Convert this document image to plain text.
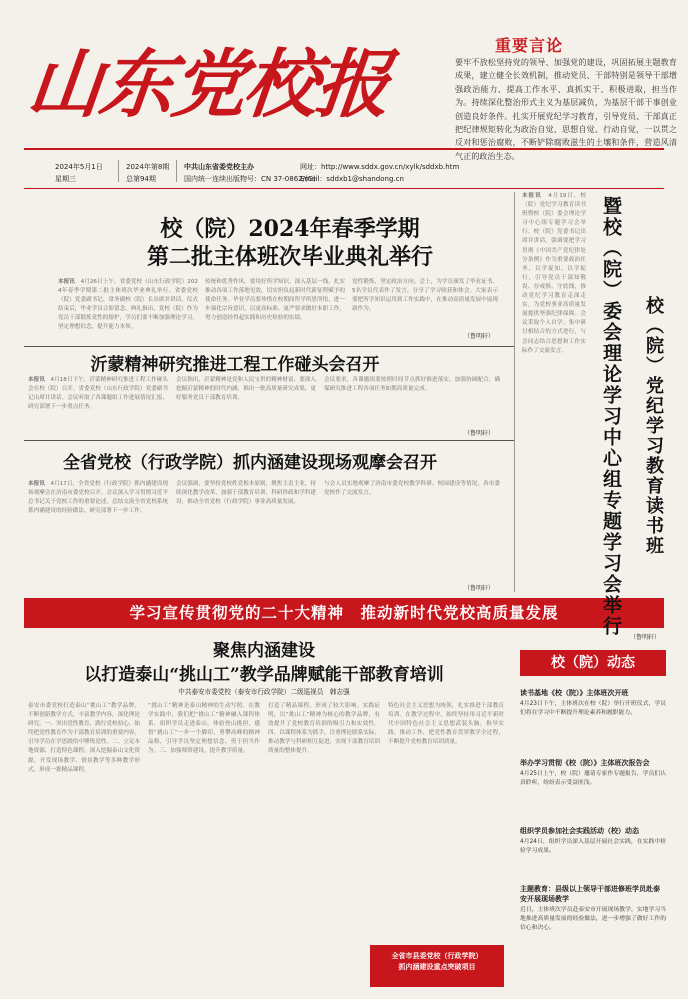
山东党校报	重要言论
要牢不放松坚持党的领导、加强党的建设，巩固拓展主题教育成果，建立健全长效机制，推动党员、干部特别是领导干部增强政治能力、提高工作水平、真抓实干、积极进取，担当作为。持续深化整治形式主义为基层减负，为基层干部干事创业创造良好条件。扎实开展党纪学习教育，引导党员、干部真正把纪律规矩转化为政治自觉、思想自觉、行动自觉，一以贯之反对和惩治腐败，不断铲除腐败滋生的土壤和条件，营造风清气正的政治生态。
2024年5月1日
星期三
2024年第8期
总第94期
中共山东省委党校主办
国内统一连续出版物号：CN 37-0862/(G)
网址：http://www.sddx.gov.cn/xylk/sddxb.htm
Email：sddxb1@shandong.cn
校（院）2024年春季学期
第二批主体班次毕业典礼举行
本报讯　 4月26日上午，省委党校（山东行政学院）2024年春季学期第二批主体班次毕业典礼举行。省委党校（院）党委副书记、常务副校（院）长出席并讲话。仪式结束后，毕业学员合影留念。典礼指出，党校（院）作为党员干部锻炼党性的熔炉，学员们要不断加强理论学习，坚定理想信念，提升能力本领。
传统和优秀作风。要用好所学知识，深入基层一线，扎实推动各项工作落地见效，切实担负起新时代新征程赋予的使命任务。毕业学员要珍惜在校期间所学所思所悟，进一步强化宗旨意识，以更高标准、更严要求做好本职工作，努力创造经得起实践和历史检验的实绩。
党性锻炼，坚定政治方向。会上，为学员颁发了毕业证书。5名学员代表作了发言，分享了学习收获和体会。大家表示要把所学知识运用到工作实践中，在推动高质量发展中展现新作为。
（鲁明轩）
沂蒙精神研究推进工程工作碰头会召开
本报讯　 4月18日下午，沂蒙精神研究推进工程工作碰头会在校（院）召开。省委党校（山东行政学院）党委副书记出席并讲话。会议听取了各课题组工作进展情况汇报，研究部署下一步重点任务。
会议指出，沂蒙精神是党和人民宝贵的精神财富，要深入挖掘沂蒙精神的时代内涵，推出一批高质量研究成果，更好服务党员干部教育培训。
会议要求，各课题组要按照时间节点抓好推进落实，加强协调配合，确保研究推进工程各项任务如期高质量完成。
（鲁明轩）
全省党校（行政学院）抓内涵建设现场观摩会召开
本报讯　 4月17日，全省党校（行政学院）抓内涵建设现场观摩会在济南市委党校召开。会议深入学习贯彻习近平总书记关于党校工作的重要论述，总结交流全省党校系统抓内涵建设的经验做法，研究部署下一步工作。
会议强调，要坚持党校姓党根本原则，聚焦主责主业，持续深化教学改革，加强干部教育培训、科研咨政和学科建设，推动全省党校（行政学院）事业高质量发展。
与会人员实地观摩了济南市委党校教学科研、校园建设等情况，各市委党校作了交流发言。
（鲁明轩）
学习宣传贯彻党的二十大精神　推动新时代党校高质量发展
聚焦内涵建设
以打造泰山“挑山工”教学品牌赋能干部教育培训
中共泰安市委党校（泰安市行政学院）二级巡视员　韩志强
泰安市委党校打造泰山“挑山工”教学品牌，不断创新教学方式，丰富教学内容，深化理论研究。一、突出党性教育，践行党校初心。始终把党性教育作为干部教育培训的重要内容，引导学员在学思践悟中锤炼党性。二、立足本地资源，打造特色课程。深入挖掘泰山文化资源，开发现场教学、情景教学等多种教学形式，形成一批精品课程。
“挑山工”精神是泰山精神的生动写照。在教学实践中，我们把“挑山工”精神融入课程体系，组织学员走进泰山，体验登山挑担，感悟“挑山工”一步一个脚印、勇攀高峰的精神品格，引导学员坚定理想信念、勇于担当作为。三、加强师资建设，提升教学质量。
打造了精品课程，形成了较大影响。实践证明，以“挑山工”精神为核心的教学品牌，有效提升了党校教育培训的吸引力和实效性。四、以课程体系为抓手，注重理论联系实际，推动教学与科研相互促进，实现干部教育培训质量的整体提升。
特色社会主义思想为统领，扎实推进干部教育培训。在教学过程中，始终坚持用习近平新时代中国特色社会主义思想武装头脑，指导实践、推动工作，把党性教育贯穿教学全过程，不断提升党校教育培训质量。
全省市县委党校（行政学院）
抓内涵建设重点突破项目
本报讯　 4月19日，校（院）党纪学习教育读书班暨校（院）委会理论学习中心组专题学习会举行。校（院）党委书记出席并讲话，强调要把学习贯彻《中国共产党纪律处分条例》作为重要政治任务，以学促知、以学促行，引导党员干部知敬畏、存戒惧、守底线，推动党纪学习教育走深走实，为党校事业高质量发展提供坚强纪律保障。会议采取个人自学、集中研讨相结合的方式进行，与会同志结合思想和工作实际作了交流发言。	暨校（院）委会理论学习中心组专题学习会举行 校（院）党纪学习教育读书班
（鲁明轩）
校（院）动态
读书基地《校（院）》主体班次开班
4月23日下午，主体班次在校（院）举行开班仪式，学员们将在学习中不断提升理论素养和履职能力。
举办学习贯彻《校（院）》主体班次报告会
4月25日上午，校（院）邀请专家作专题报告，学员们认真聆听，纷纷表示受益匪浅。
组织学员参加社会实践活动（校）动态
4月24日，组织学员深入基层开展社会实践，在实践中检验学习成果。
主题教育：县级以上领导干部进修班学员赴泰安开展现场教学
近日，主体班次学员赴泰安市开展现场教学，实地学习当地推进高质量发展的经验做法，进一步增强了做好工作的信心和决心。
